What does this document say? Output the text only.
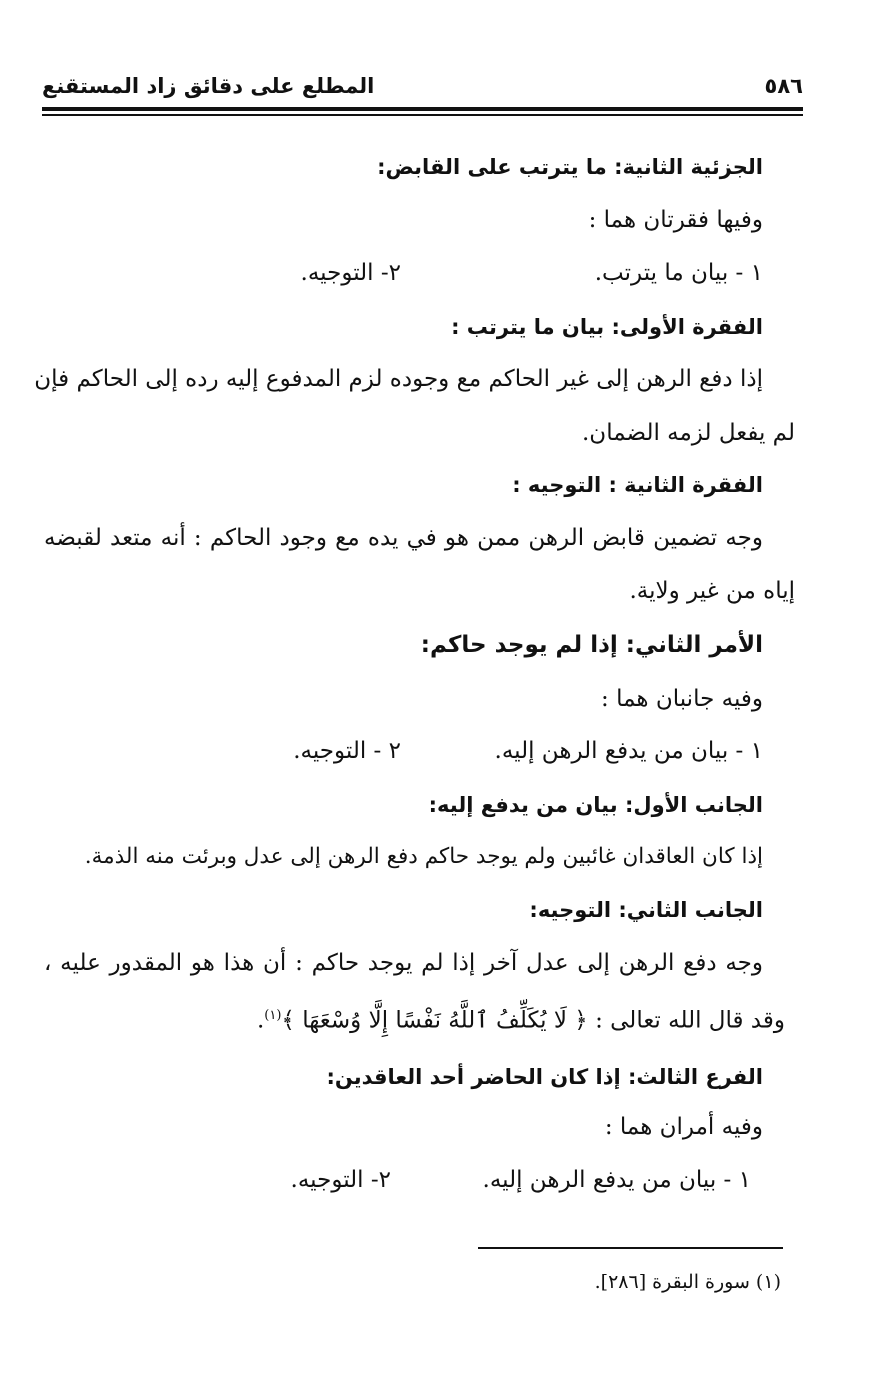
٥٨٦
المطلع على دقائق زاد المستقنع
الجزئية الثانية: ما يترتب على القابض:
وفيها فقرتان هما :
١ - بيان ما يترتب.
٢- التوجيه.
الفقرة الأولى: بيان ما يترتب :
إذا دفع الرهن إلى غير الحاكم مع وجوده لزم المدفوع إليه رده إلى الحاكم فإن
لم يفعل لزمه الضمان.
الفقرة الثانية : التوجيه :
وجه تضمين قابض الرهن ممن هو في يده مع وجود الحاكم : أنه متعد لقبضه
إياه من غير ولاية.
الأمر الثاني: إذا لم يوجد حاكم:
وفيه جانبان هما :
١ - بيان من يدفع الرهن إليه.
٢ - التوجيه.
الجانب الأول: بيان من يدفع إليه:
إذا كان العاقدان غائبين ولم يوجد حاكم دفع الرهن إلى عدل وبرئت منه الذمة.
الجانب الثاني: التوجيه:
وجه دفع الرهن إلى عدل آخر إذا لم يوجد حاكم : أن هذا هو المقدور عليه ،
وقد قال الله تعالى : ﴿ لَا يُكَلِّفُ ٱللَّهُ نَفْسًا إِلَّا وُسْعَهَا ﴾$^{(١)}$.
الفرع الثالث: إذا كان الحاضر أحد العاقدين:
وفيه أمران هما :
١ - بيان من يدفع الرهن إليه.
٢- التوجيه.
(١) سورة البقرة [٢٨٦].
